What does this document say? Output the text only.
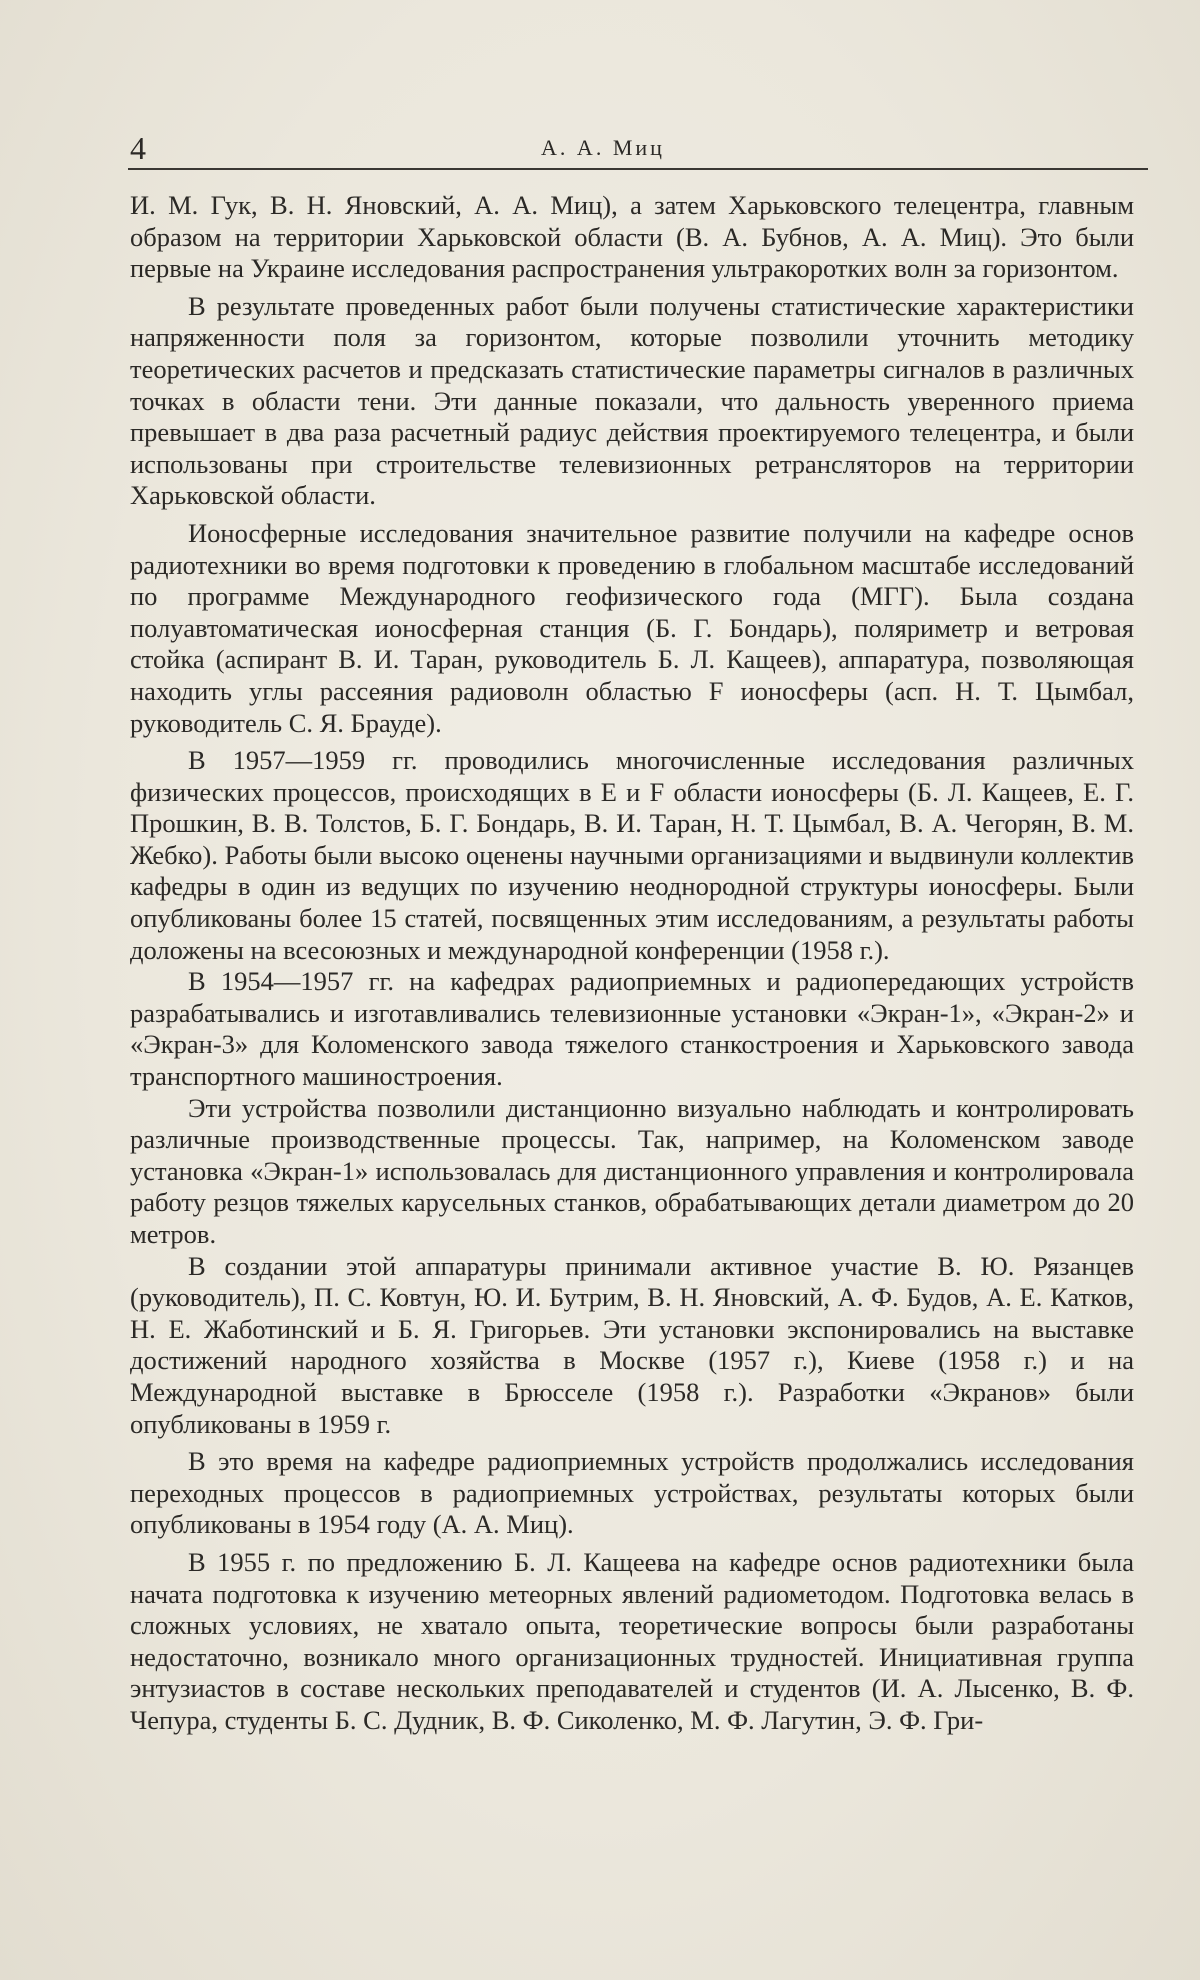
4	А. А. Миц

И. М. Гук, В. Н. Яновский, А. А. Миц), а затем Харьковского телецентра, главным образом на территории Харьковской области (В. А. Бубнов, А. А. Миц). Это были первые на Украине исследования распространения ультракоротких волн за горизонтом.

В результате проведенных работ были получены статистические характеристики напряженности поля за горизонтом, которые позволили уточнить методику теоретических расчетов и предсказать статистические параметры сигналов в различных точках в области тени. Эти данные показали, что дальность уверенного приема превышает в два раза расчетный радиус действия проектируемого телецентра, и были использованы при строительстве телевизионных ретрансляторов на территории Харьковской области.

Ионосферные исследования значительное развитие получили на кафедре основ радиотехники во время подготовки к проведению в глобальном масштабе исследований по программе Международного геофизического года (МГГ). Была создана полуавтоматическая ионосферная станция (Б. Г. Бондарь), поляриметр и ветровая стойка (аспирант В. И. Таран, руководитель Б. Л. Кащеев), аппаратура, позволяющая находить углы рассеяния радиоволн областью F ионосферы (асп. Н. Т. Цымбал, руководитель С. Я. Брауде).

В 1957—1959 гг. проводились многочисленные исследования различных физических процессов, происходящих в E и F области ионосферы (Б. Л. Кащеев, Е. Г. Прошкин, В. В. Толстов, Б. Г. Бондарь, В. И. Таран, Н. Т. Цымбал, В. А. Чегорян, В. М. Жебко). Работы были высоко оценены научными организациями и выдвинули коллектив кафедры в один из ведущих по изучению неоднородной структуры ионосферы. Были опубликованы более 15 статей, посвященных этим исследованиям, а результаты работы доложены на всесоюзных и международной конференции (1958 г.).

В 1954—1957 гг. на кафедрах радиоприемных и радиопередающих устройств разрабатывались и изготавливались телевизионные установки «Экран-1», «Экран-2» и «Экран-3» для Коломенского завода тяжелого станкостроения и Харьковского завода транспортного машиностроения.

Эти устройства позволили дистанционно визуально наблюдать и контролировать различные производственные процессы. Так, например, на Коломенском заводе установка «Экран-1» использовалась для дистанционного управления и контролировала работу резцов тяжелых карусельных станков, обрабатывающих детали диаметром до 20 метров.

В создании этой аппаратуры принимали активное участие В. Ю. Рязанцев (руководитель), П. С. Ковтун, Ю. И. Бутрим, В. Н. Яновский, А. Ф. Будов, А. Е. Катков, Н. Е. Жаботинский и Б. Я. Григорьев. Эти установки экспонировались на выставке достижений народного хозяйства в Москве (1957 г.), Киеве (1958 г.) и на Международной выставке в Брюсселе (1958 г.). Разработки «Экранов» были опубликованы в 1959 г.

В это время на кафедре радиоприемных устройств продолжались исследования переходных процессов в радиоприемных устройствах, результаты которых были опубликованы в 1954 году (А. А. Миц).

В 1955 г. по предложению Б. Л. Кащеева на кафедре основ радиотехники была начата подготовка к изучению метеорных явлений радиометодом. Подготовка велась в сложных условиях, не хватало опыта, теоретические вопросы были разработаны недостаточно, возникало много организационных трудностей. Инициативная группа энтузиастов в составе нескольких преподавателей и студентов (И. А. Лысенко, В. Ф. Чепура, студенты Б. С. Дудник, В. Ф. Сиколенко, М. Ф. Лагутин, Э. Ф. Гри-
